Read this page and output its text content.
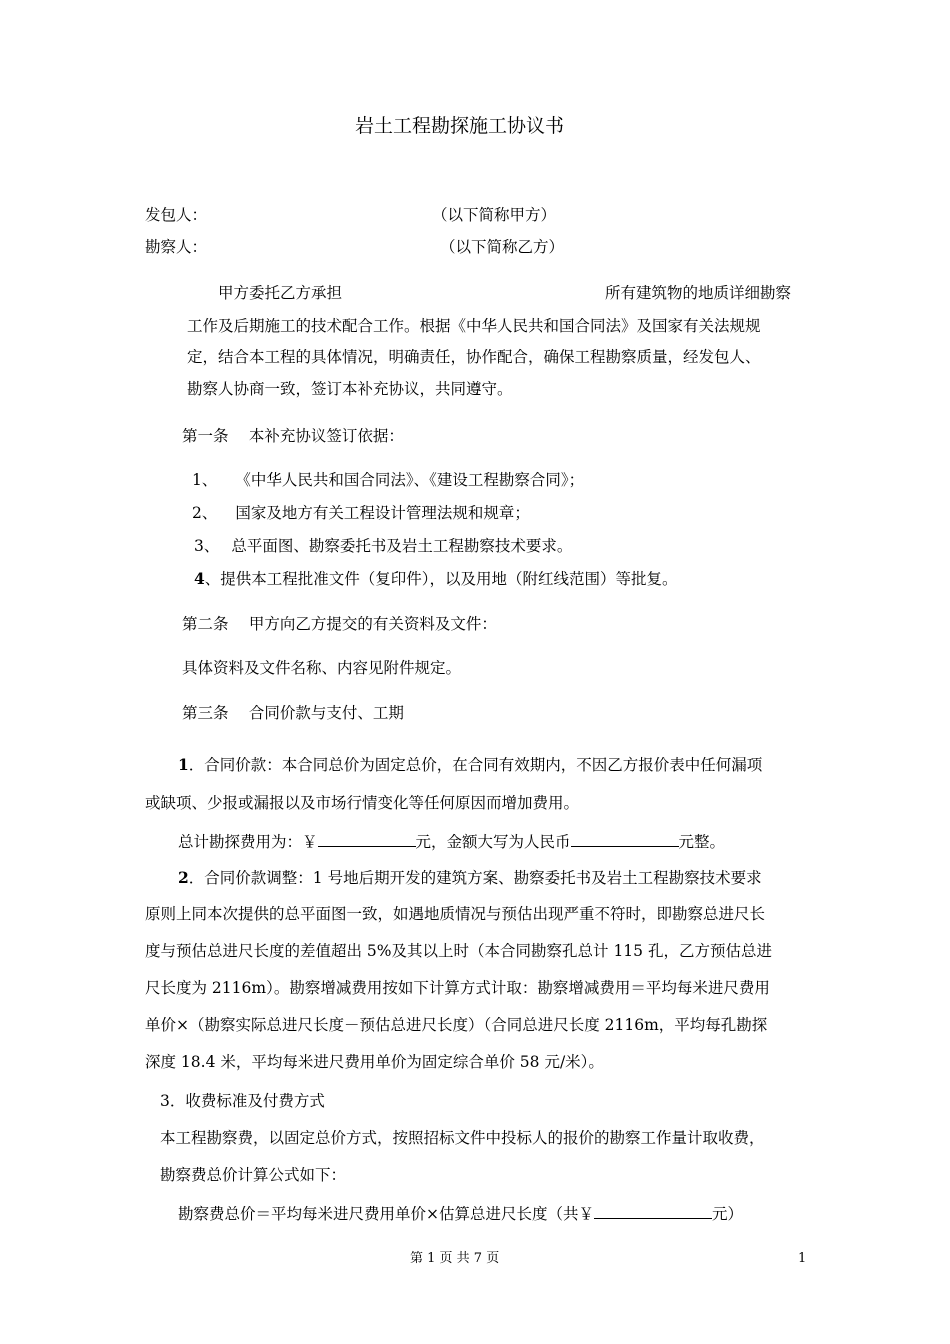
岩土工程勘探施工协议书
发包人：	（以下简称甲方）
勘察人：	（以下简称乙方）
甲方委托乙方承担	所有建筑物的地质详细勘察
工作及后期施工的技术配合工作。根据《中华人民共和国合同法》及国家有关法规规
定，结合本工程的具体情况，明确责任，协作配合，确保工程勘察质量，经发包人、
勘察人协商一致，签订本补充协议，共同遵守。
第一条　 本补充协议签订依据：
1、 《中华人民共和国合同法》、《建设工程勘察合同》；
2、 国家及地方有关工程设计管理法规和规章；
3、 总平面图、勘察委托书及岩土工程勘察技术要求。
4、提供本工程批准文件（复印件），以及用地（附红线范围）等批复。
第二条　 甲方向乙方提交的有关资料及文件：
具体资料及文件名称、内容见附件规定。
第三条　 合同价款与支付、工期
1．合同价款：本合同总价为固定总价，在合同有效期内，不因乙方报价表中任何漏项
或缺项、少报或漏报以及市场行情变化等任何原因而增加费用。
总计勘探费用为：￥	元，金额大写为人民币	元整。
2．合同价款调整：1 号地后期开发的建筑方案、勘察委托书及岩土工程勘察技术要求
原则上同本次提供的总平面图一致，如遇地质情况与预估出现严重不符时，即勘察总进尺长
度与预估总进尺长度的差值超出 5%及其以上时（本合同勘察孔总计 115 孔，乙方预估总进
尺长度为 2116m）。勘察增减费用按如下计算方式计取：勘察增减费用＝平均每米进尺费用
单价×（勘察实际总进尺长度－预估总进尺长度）（合同总进尺长度 2116m，平均每孔勘探
深度 18.4 米，平均每米进尺费用单价为固定综合单价 58 元/米）。
3．收费标准及付费方式
本工程勘察费，以固定总价方式，按照招标文件中投标人的报价的勘察工作量计取收费，
勘察费总价计算公式如下：
勘察费总价＝平均每米进尺费用单价×估算总进尺长度（共￥	元）
第 1 页 共 7 页	1
